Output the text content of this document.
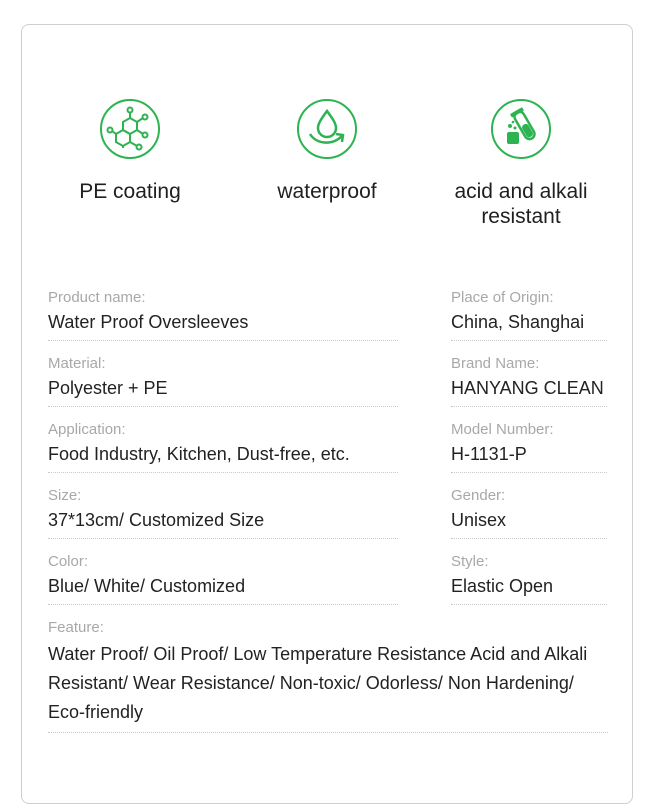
PE coating	waterproof	acid and alkali resistant
Product name:
Water Proof Oversleeves
Material:
Polyester + PE
Application:
Food Industry, Kitchen, Dust-free, etc.
Size:
37*13cm/ Customized Size
Color:
Blue/ White/ Customized
Place of Origin:
China, Shanghai
Brand Name:
HANYANG CLEAN
Model Number:
H-1131-P
Gender:
Unisex
Style:
Elastic Open
Feature:
Water Proof/ Oil Proof/ Low Temperature Resistance Acid and Alkali Resistant/ Wear Resistance/ Non-toxic/ Odorless/ Non Hardening/ Eco-friendly
